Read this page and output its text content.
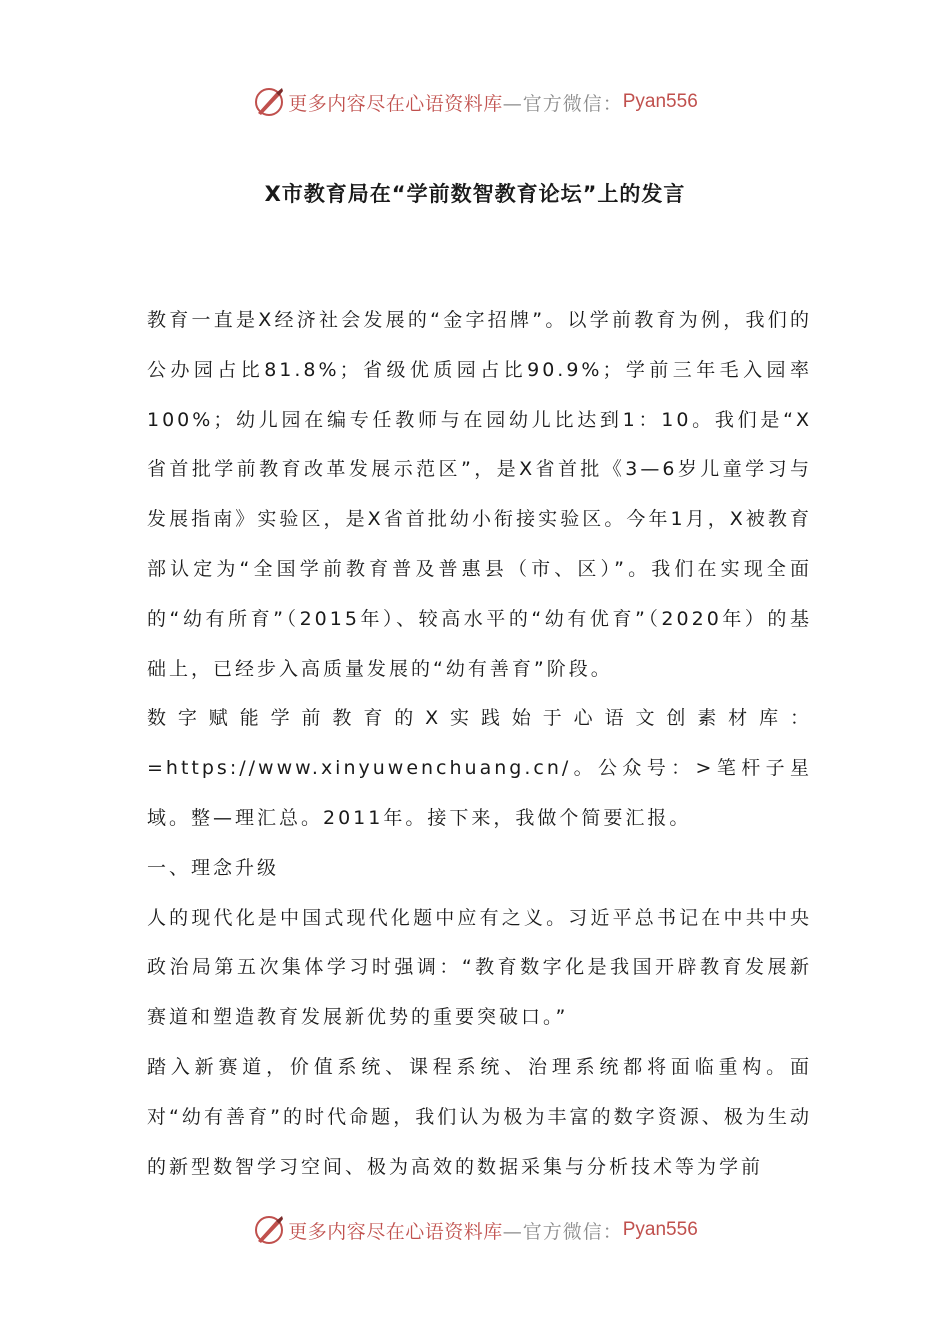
更多内容尽在心语资料库 —官方微信： Pyan556
X市教育局在“学前数智教育论坛”上的发言

教育一直是X经济社会发展的“金字招牌”。以学前教育为例，我们的公办园占比81.8%；省级优质园占比90.9%；学前三年毛入园率100%；幼儿园在编专任教师与在园幼儿比达到1：10。我们是“X省首批学前教育改革发展示范区”，是X省首批《3—6岁儿童学习与发展指南》实验区，是X省首批幼小衔接实验区。今年1月，X被教育部认定为“全国学前教育普及普惠县（市、区）”。我们在实现全面的“幼有所育”（2015年）、较高水平的“幼有优育”（2020年）的基础上，已经步入高质量发展的“幼有善育”阶段。

数字赋能学前教育的X实践始于心语文创素材库：=https://www.xinyuwenchuang.cn/。公众号：>笔杆子星域。整—理汇总。2011年。接下来，我做个简要汇报。

一、理念升级

人的现代化是中国式现代化题中应有之义。习近平总书记在中共中央政治局第五次集体学习时强调：“教育数字化是我国开辟教育发展新赛道和塑造教育发展新优势的重要突破口。”

踏入新赛道，价值系统、课程系统、治理系统都将面临重构。面对“幼有善育”的时代命题，我们认为极为丰富的数字资源、极为生动的新型数智学习空间、极为高效的数据采集与分析技术等为学前

更多内容尽在心语资料库 —官方微信： Pyan556
